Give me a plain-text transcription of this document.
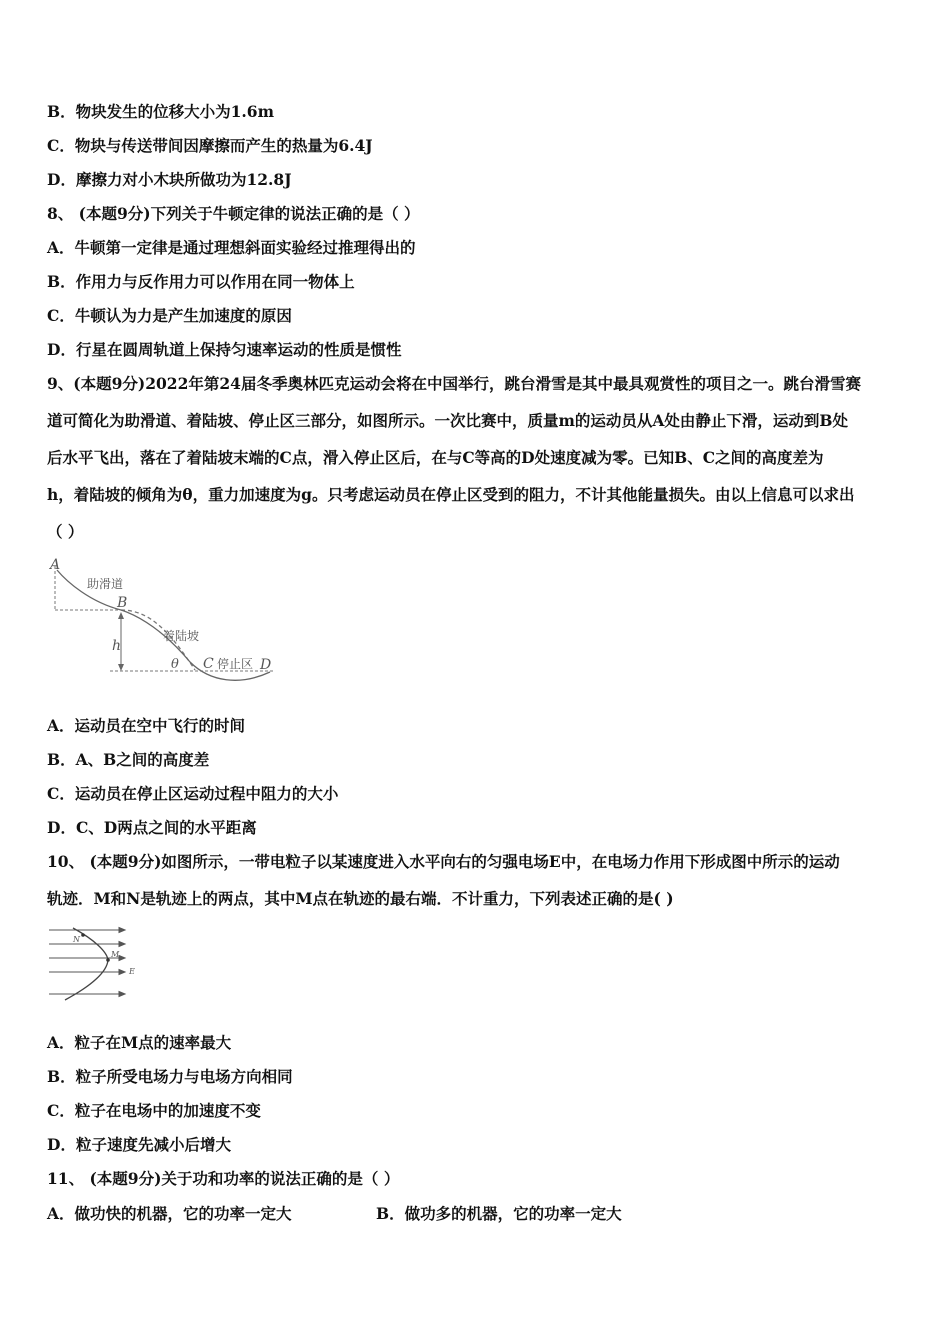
B．物块发生的位移大小为1.6m
C．物块与传送带间因摩擦而产生的热量为6.4J
D．摩擦力对小木块所做功为12.8J
8、 (本题9分)下列关于牛顿定律的说法正确的是（ ）
A．牛顿第一定律是通过理想斜面实验经过推理得出的
B．作用力与反作用力可以作用在同一物体上
C．牛顿认为力是产生加速度的原因
D．行星在圆周轨道上保持匀速率运动的性质是惯性
9、(本题9分)2022年第24届冬季奥林匹克运动会将在中国举行，跳台滑雪是其中最具观赏性的项目之一。跳台滑雪赛
道可简化为助滑道、着陆坡、停止区三部分，如图所示。一次比赛中，质量m的运动员从A处由静止下滑，运动到B处
后水平飞出，落在了着陆坡末端的C点，滑入停止区后，在与C等高的D处速度减为零。已知B、C之间的高度差为
h，着陆坡的倾角为θ，重力加速度为g。只考虑运动员在停止区受到的阻力，不计其他能量损失。由以上信息可以求出
（ ）
A
助滑道
B
着陆坡
h
θ C 停止区 D
A．运动员在空中飞行的时间
B．A、B之间的高度差
C．运动员在停止区运动过程中阻力的大小
D．C、D两点之间的水平距离
10、 (本题9分)如图所示，一带电粒子以某速度进入水平向右的匀强电场E中，在电场力作用下形成图中所示的运动
轨迹．M和N是轨迹上的两点，其中M点在轨迹的最右端．不计重力，下列表述正确的是( )
N
M
E
A．粒子在M点的速率最大
B．粒子所受电场力与电场方向相同
C．粒子在电场中的加速度不变
D．粒子速度先减小后增大
11、 (本题9分)关于功和功率的说法正确的是（ ）
A．做功快的机器，它的功率一定大	B．做功多的机器，它的功率一定大
